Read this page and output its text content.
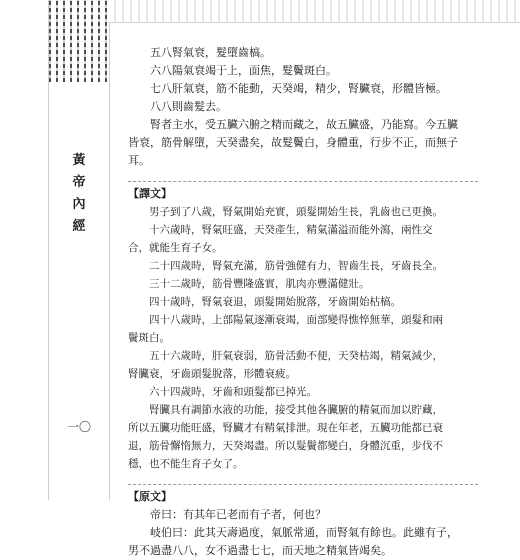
黃
帝
內
經
一〇

五八腎氣衰，髮墮齒槁。

六八陽氣衰竭于上，面焦，髮鬢斑白。

七八肝氣衰，筋不能動，天癸竭，精少，腎臟衰，形體皆極。

八八則齒髮去。

腎者主水，受五臟六腑之精而藏之，故五臟盛，乃能寫。今五臟

皆衰，筋骨解墮，天癸盡矣，故髮鬢白，身體重，行步不正，而無子

耳。

【譯文】

男子到了八歲，腎氣開始充實，頭髮開始生長，乳齒也已更換。

十六歲時，腎氣旺盛，天癸產生，精氣滿溢而能外瀉，兩性交

合，就能生育子女。

二十四歲時，腎氣充滿，筋骨強健有力，智齒生長，牙齒長全。

三十二歲時，筋骨豐隆盛實，肌肉亦豐滿健壯。

四十歲時，腎氣衰退，頭髮開始脫落，牙齒開始枯槁。

四十八歲時，上部陽氣逐漸衰竭，面部變得憔悴無華，頭髮和兩

鬢斑白。

五十六歲時，肝氣衰弱，筋骨活動不便，天癸枯竭，精氣減少，

腎臟衰，牙齒頭髮脫落，形體衰疲。

六十四歲時，牙齒和頭髮都已掉光。

腎臟具有調節水液的功能，接受其他各臟腑的精氣而加以貯藏，

所以五臟功能旺盛，腎臟才有精氣排泄。現在年老，五臟功能都已衰

退，筋骨懈惰無力，天癸竭盡。所以髮鬢都變白，身體沉重，步伐不

穩，也不能生育子女了。

【原文】

帝曰：有其年已老而有子者，何也？

岐伯曰：此其天壽過度，氣脈常通，而腎氣有餘也。此雖有子，

男不過盡八八，女不過盡七七，而天地之精氣皆竭矣。
